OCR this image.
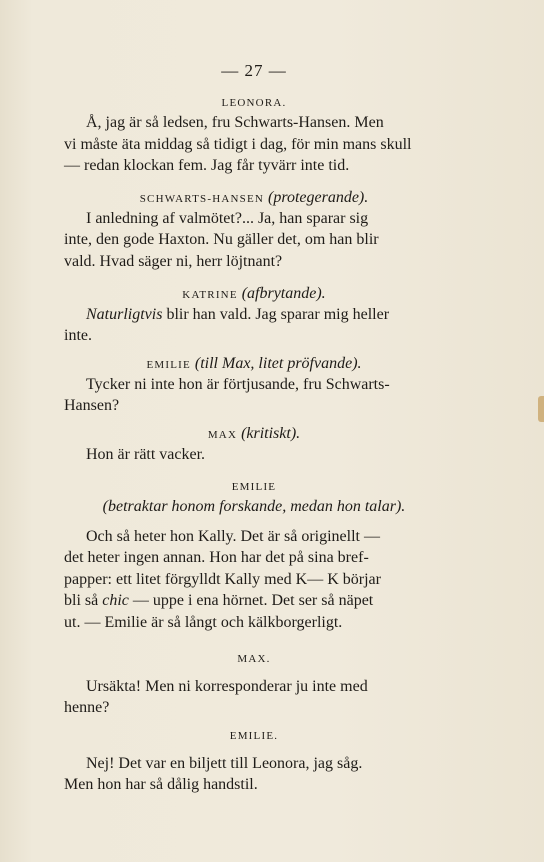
— 27 —
LEONORA.

Å, jag är så ledsen, fru Schwarts-Hansen. Men

vi måste äta middag så tidigt i dag, för min mans skull

— redan klockan fem. Jag får tyvärr inte tid.

SCHWARTS-HANSEN (protegerande).

I anledning af valmötet?... Ja, han sparar sig

inte, den gode Haxton. Nu gäller det, om han blir

vald. Hvad säger ni, herr löjtnant?

KATRINE (afbrytande).

Naturligtvis blir han vald. Jag sparar mig heller

inte.

EMILIE (till Max, litet pröfvande).

Tycker ni inte hon är förtjusande, fru Schwarts-

Hansen?

MAX (kritiskt).

Hon är rätt vacker.

EMILIE
(betraktar honom forskande, medan hon talar).

Och så heter hon Kally. Det är så originellt —

det heter ingen annan. Hon har det på sina bref-

papper: ett litet förgylldt Kally med K— K börjar

bli så chic — uppe i ena hörnet. Det ser så näpet

ut. — Emilie är så långt och kälkborgerligt.

MAX.

Ursäkta! Men ni korresponderar ju inte med

henne?

EMILIE.

Nej! Det var en biljett till Leonora, jag såg.

Men hon har så dålig handstil.
